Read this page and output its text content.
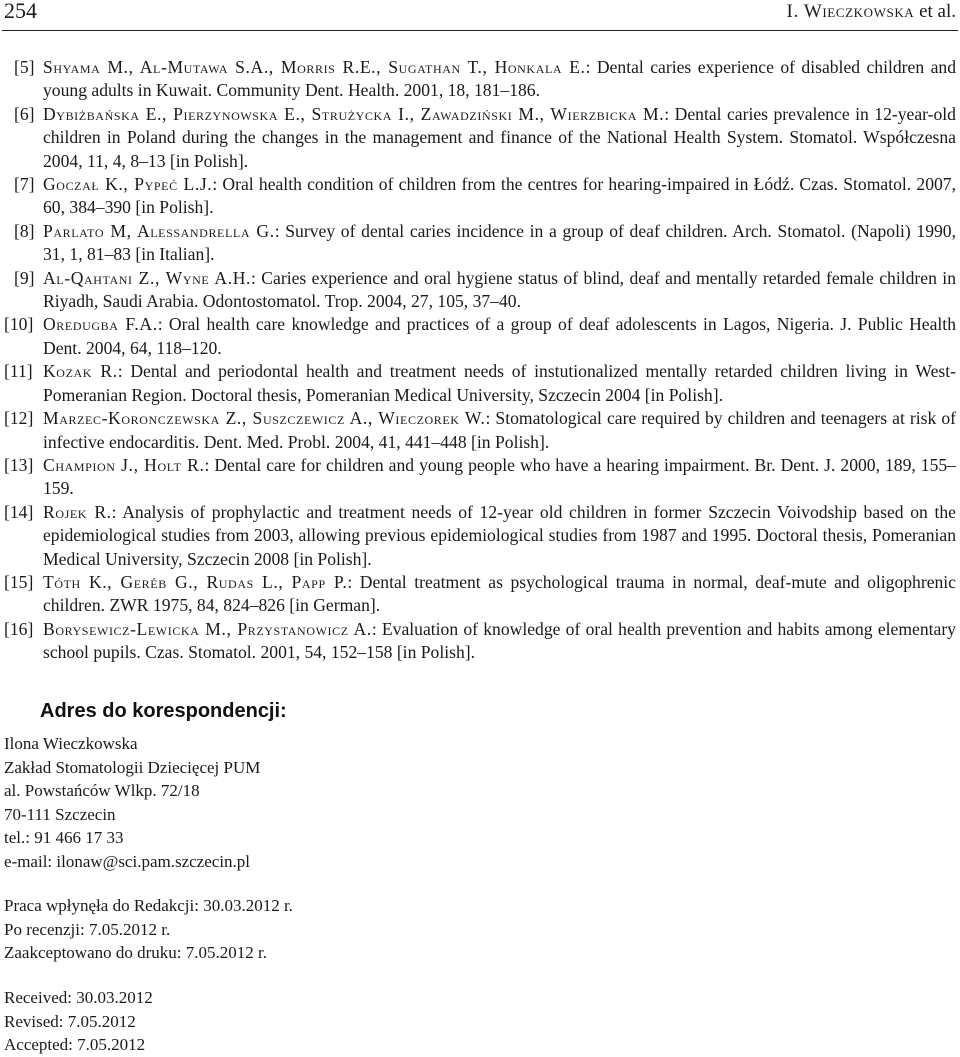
254	I. Wieczkowska et al.
[5] Shyama M., Al-Mutawa S.A., Morris R.E., Sugathan T., Honkala E.: Dental caries experience of disabled children and young adults in Kuwait. Community Dent. Health. 2001, 18, 181–186.
[6] Dybiżbańska E., Pierzynowska E., Strużycka I., Zawadziński M., Wierzbicka M.: Dental caries prevalence in 12-year-old children in Poland during the changes in the management and finance of the National Health System. Stomatol. Współczesna 2004, 11, 4, 8–13 [in Polish].
[7] Goczał K., Pypeć L.J.: Oral health condition of children from the centres for hearing-impaired in Łódź. Czas. Stomatol. 2007, 60, 384–390 [in Polish].
[8] Parlato M, Alessandrella G.: Survey of dental caries incidence in a group of deaf children. Arch. Stomatol. (Napoli) 1990, 31, 1, 81–83 [in Italian].
[9] Al-Qahtani Z., Wyne A.H.: Caries experience and oral hygiene status of blind, deaf and mentally retarded female children in Riyadh, Saudi Arabia. Odontostomatol. Trop. 2004, 27, 105, 37–40.
[10] Oredugba F.A.: Oral health care knowledge and practices of a group of deaf adolescents in Lagos, Nigeria. J. Public Health Dent. 2004, 64, 118–120.
[11] Kozak R.: Dental and periodontal health and treatment needs of instutionalized mentally retarded children living in West-Pomeranian Region. Doctoral thesis, Pomeranian Medical University, Szczecin 2004 [in Polish].
[12] Marzec-Koronczewska Z., Suszczewicz A., Wieczorek W.: Stomatological care required by children and teenagers at risk of infective endocarditis. Dent. Med. Probl. 2004, 41, 441–448 [in Polish].
[13] Champion J., Holt R.: Dental care for children and young people who have a hearing impairment. Br. Dent. J. 2000, 189, 155–159.
[14] Rojek R.: Analysis of prophylactic and treatment needs of 12-year old children in former Szczecin Voivodship based on the epidemiological studies from 2003, allowing previous epidemiological studies from 1987 and 1995. Doctoral thesis, Pomeranian Medical University, Szczecin 2008 [in Polish].
[15] Tóth K., Geréb G., Rudas L., Papp P.: Dental treatment as psychological trauma in normal, deaf-mute and oligophrenic children. ZWR 1975, 84, 824–826 [in German].
[16] Borysewicz-Lewicka M., Przystanowicz A.: Evaluation of knowledge of oral health prevention and habits among elementary school pupils. Czas. Stomatol. 2001, 54, 152–158 [in Polish].
Adres do korespondencji:
Ilona Wieczkowska
Zakład Stomatologii Dziecięcej PUM
al. Powstańców Wlkp. 72/18
70-111 Szczecin
tel.: 91 466 17 33
e-mail: ilonaw@sci.pam.szczecin.pl
Praca wpłynęła do Redakcji: 30.03.2012 r.
Po recenzji: 7.05.2012 r.
Zaakceptowano do druku: 7.05.2012 r.
Received: 30.03.2012
Revised: 7.05.2012
Accepted: 7.05.2012
